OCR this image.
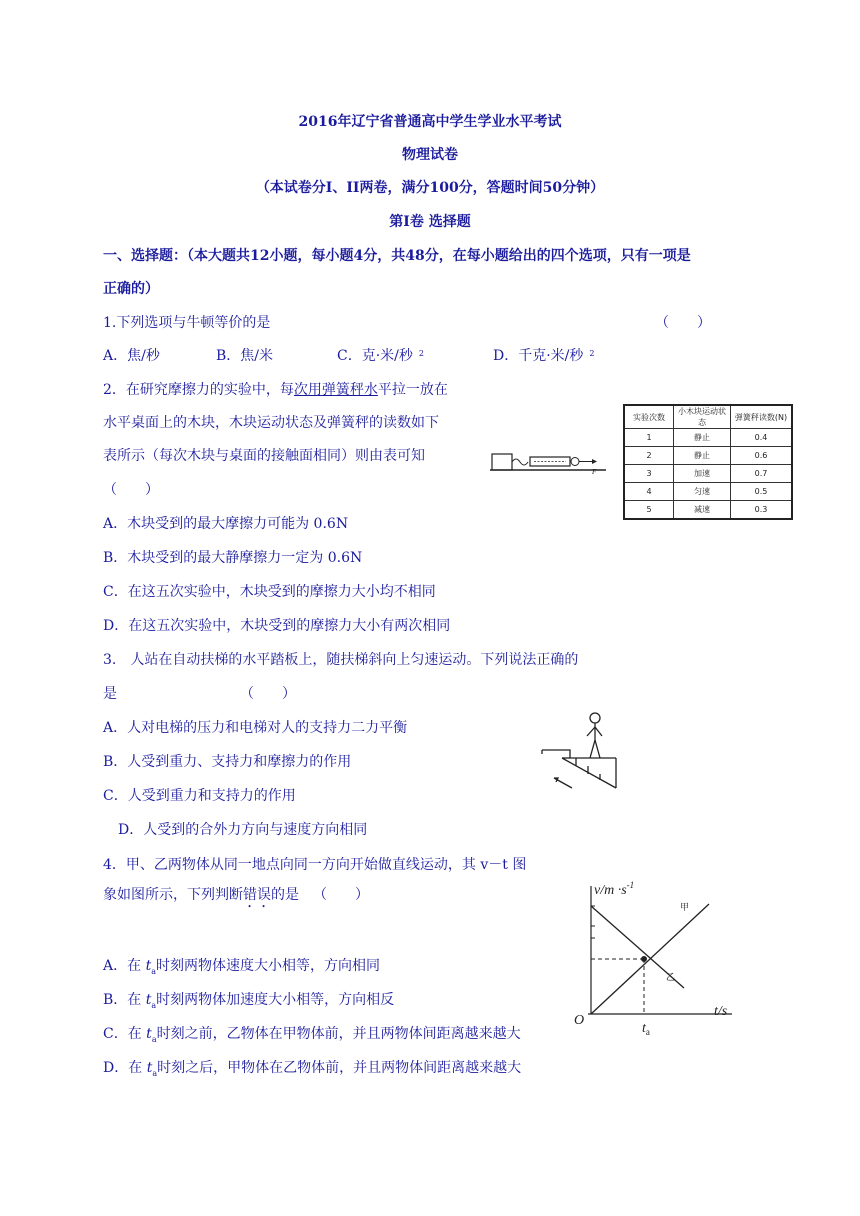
2016年辽宁省普通高中学生学业水平考试
物理试卷
（本试卷分I、II两卷，满分100分，答题时间50分钟）
第I卷 选择题
一、选择题：（本大题共12小题，每小题4分，共48分，在每小题给出的四个选项，只有一项是
正确的）
1.下列选项与牛顿等价的是	（　　）
A．焦/秒	B．焦/米	C．克·米/秒 $^2$	D．千克·米/秒 $^2$
2．在研究摩擦力的实验中，每次用弹簧秤水平拉一放在
水平桌面上的木块，木块运动状态及弹簧秤的读数如下
表所示（每次木块与桌面的接触面相同）则由表可知
（　　）
A．木块受到的最大摩擦力可能为 0.6N
B．木块受到的最大静摩擦力一定为 0.6N
C．在这五次实验中，木块受到的摩擦力大小均不相同
D．在这五次实验中，木块受到的摩擦力大小有两次相同
F
实验次数	小木块运动状态	弹簧秤读数(N)
1	静止	0.4
2	静止	0.6
3	加速	0.7
4	匀速	0.5
5	减速	0.3
3.　人站在自动扶梯的水平踏板上，随扶梯斜向上匀速运动。下列说法正确的
是	（　　）
A．人对电梯的压力和电梯对人的支持力二力平衡
B．人受到重力、支持力和摩擦力的作用
C．人受到重力和支持力的作用
D．人受到的合外力方向与速度方向相同
4．甲、乙两物体从同一地点向同一方向开始做直线运动，其 v－t 图
象如图所示，下列判断错误的是 （　　）
A．在 $t_a$时刻两物体速度大小相等，方向相同
B．在 $t_a$时刻两物体加速度大小相等，方向相反
C．在 $t_a$时刻之前，乙物体在甲物体前，并且两物体间距离越来越大
D．在 $t_a$时刻之后，甲物体在乙物体前，并且两物体间距离越来越大
$v/m \cdot s^{-1}$
t/s
O
$t_a$
甲
乙
